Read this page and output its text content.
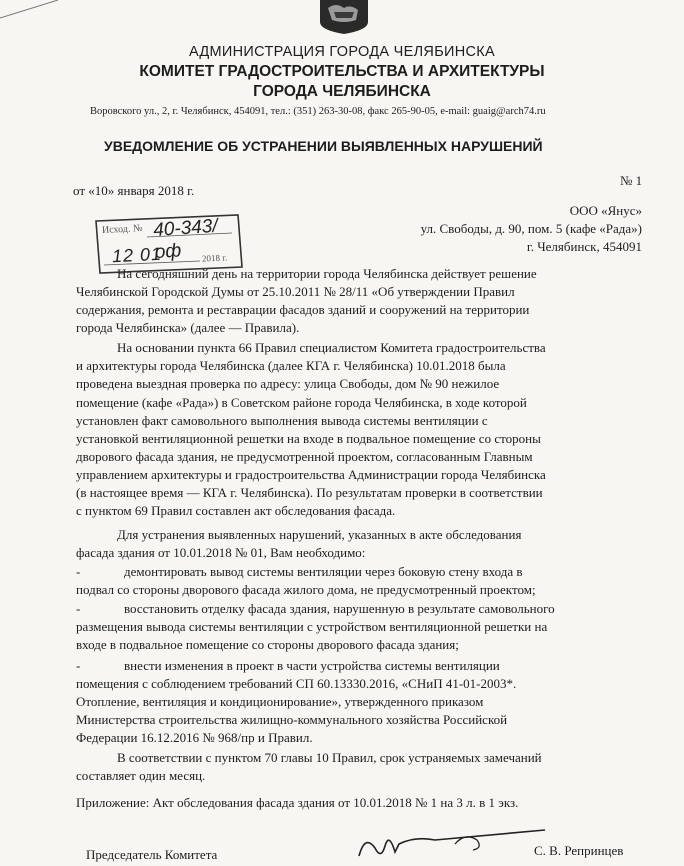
АДМИНИСТРАЦИЯ ГОРОДА ЧЕЛЯБИНСКА
КОМИТЕТ ГРАДОСТРОИТЕЛЬСТВА И АРХИТЕКТУРЫ
ГОРОДА ЧЕЛЯБИНСКА
Воровского ул., 2, г. Челябинск, 454091, тел.: (351) 263-30-08, факс 265-90-05, e-mail: guaig@arch74.ru
УВЕДОМЛЕНИЕ ОБ УСТРАНЕНИИ ВЫЯВЛЕННЫХ НАРУШЕНИЙ
от «10» января 2018 г.
№ 1
ООО «Янус»
ул. Свободы, д. 90, пом. 5 (кафе «Рада»)
г. Челябинск, 454091
Исход. № 40-343/оф
12 01	2018 г.
На сегодняшний день на территории города Челябинска действует решение
Челябинской Городской Думы от 25.10.2011 № 28/11 «Об утверждении Правил
содержания, ремонта и реставрации фасадов зданий и сооружений на территории
города Челябинска» (далее — Правила).
На основании пункта 66 Правил специалистом Комитета градостроительства
и архитектуры города Челябинска (далее КГА г. Челябинска) 10.01.2018 была
проведена выездная проверка по адресу: улица Свободы, дом № 90 нежилое
помещение (кафе «Рада») в Советском районе города Челябинска, в ходе которой
установлен факт самовольного выполнения вывода системы вентиляции с
установкой вентиляционной решетки на входе в подвальное помещение со стороны
дворового фасада здания, не предусмотренной проектом, согласованным Главным
управлением архитектуры и градостроительства Администрации города Челябинска
(в настоящее время — КГА г. Челябинска). По результатам проверки в соответствии
с пунктом 69 Правил составлен акт обследования фасада.
Для устранения выявленных нарушений, указанных в акте обследования
фасада здания от 10.01.2018 № 01, Вам необходимо:
-	демонтировать вывод системы вентиляции через боковую стену входа в
подвал со стороны дворового фасада жилого дома, не предусмотренный проектом;
-	восстановить отделку фасада здания, нарушенную в результате самовольного
размещения вывода системы вентиляции с устройством вентиляционной решетки на
входе в подвальное помещение со стороны дворового фасада здания;
-	внести изменения в проект в части устройства системы вентиляции
помещения с соблюдением требований СП 60.13330.2016, «СНиП 41-01-2003*.
Отопление, вентиляция и кондиционирование», утвержденного приказом
Министерства строительства жилищно-коммунального хозяйства Российской
Федерации 16.12.2016 № 968/пр и Правил.
В соответствии с пунктом 70 главы 10 Правил, срок устраняемых замечаний
составляет один месяц.
Приложение: Акт обследования фасада здания от 10.01.2018 № 1 на 3 л. в 1 экз.
Председатель Комитета	С. В. Репринцев
